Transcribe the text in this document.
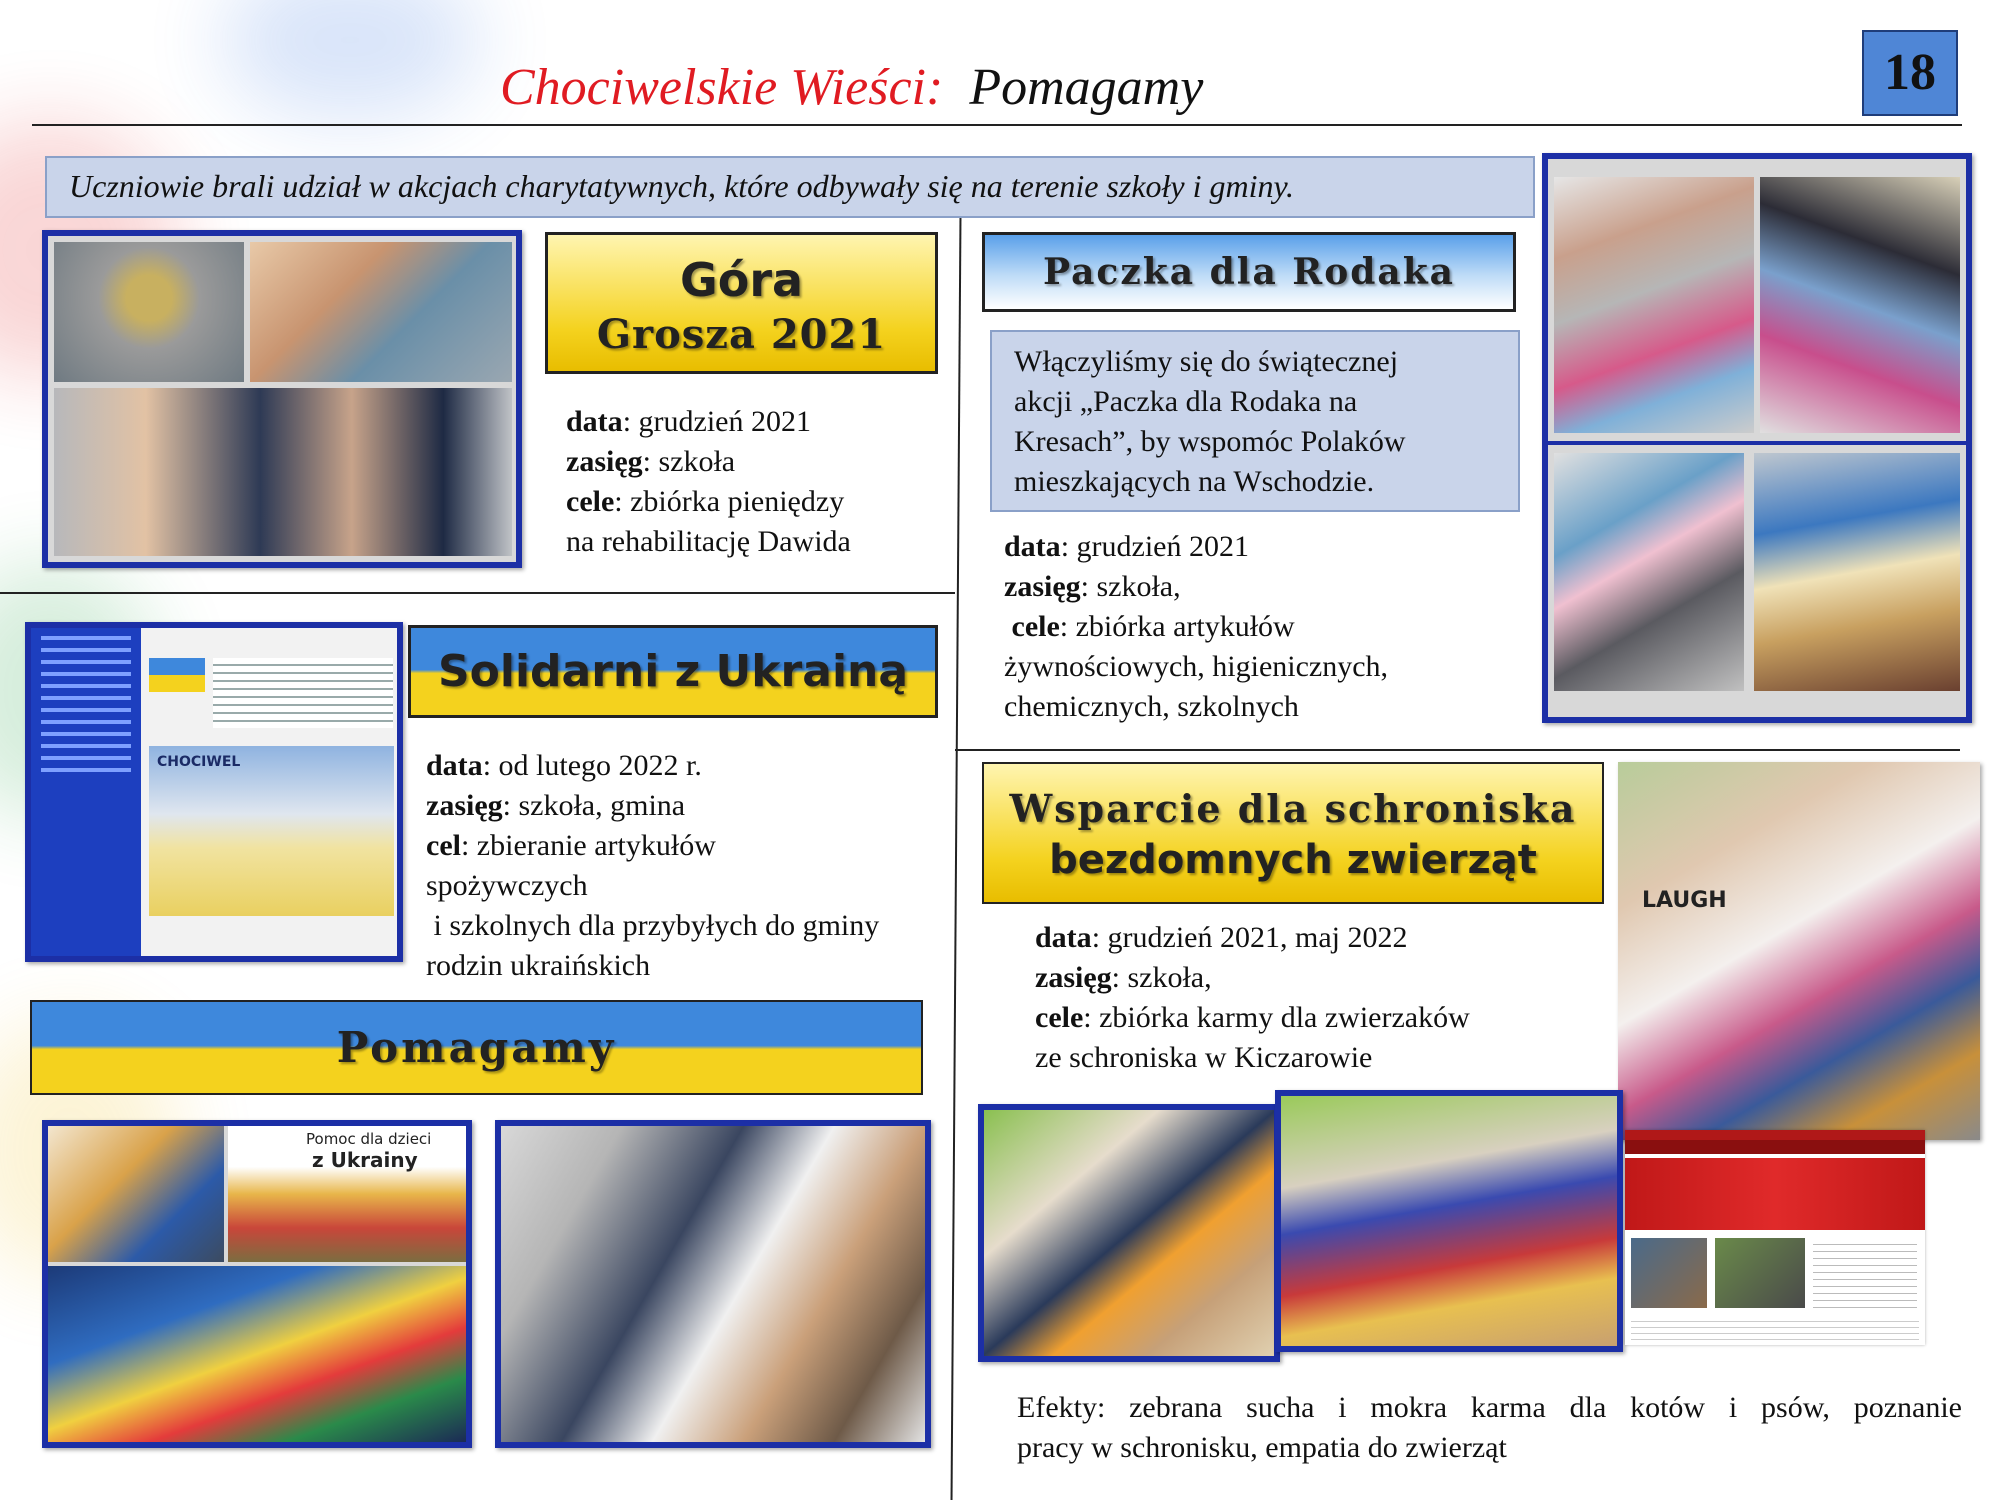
Chociwelskie Wieści: Pomagamy	18
Uczniowie brali udział w akcjach charytatywnych, które odbywały się na terenie szkoły i gminy.
Góra
Grosza 2021
data: grudzień 2021
zasięg: szkoła
cele: zbiórka pieniędzy
na rehabilitację Dawida
CHOCIWEL
Solidarni z Ukrainą
data: od lutego 2022 r.
zasięg: szkoła, gmina
cel: zbieranie artykułów
spożywczych
i szkolnych dla przybyłych do gminy
rodzin ukraińskich
Pomagamy
Pomoc dla dzieci
z Ukrainy
Paczka dla Rodaka
Włączyliśmy się do świątecznej
akcji „Paczka dla Rodaka na
Kresach”, by wspomóc Polaków
mieszkających na Wschodzie.
data: grudzień 2021
zasięg: szkoła,
cele: zbiórka artykułów
żywnościowych, higienicznych,
chemicznych, szkolnych
Wsparcie dla schroniska
bezdomnych zwierząt
data: grudzień 2021, maj 2022
zasięg: szkoła,
cele: zbiórka karmy dla zwierzaków
ze schroniska w Kiczarowie
LAUGH
Efekty: zebrana sucha i mokra karma dla kotów i psów, poznanie
pracy w schronisku, empatia do zwierząt
